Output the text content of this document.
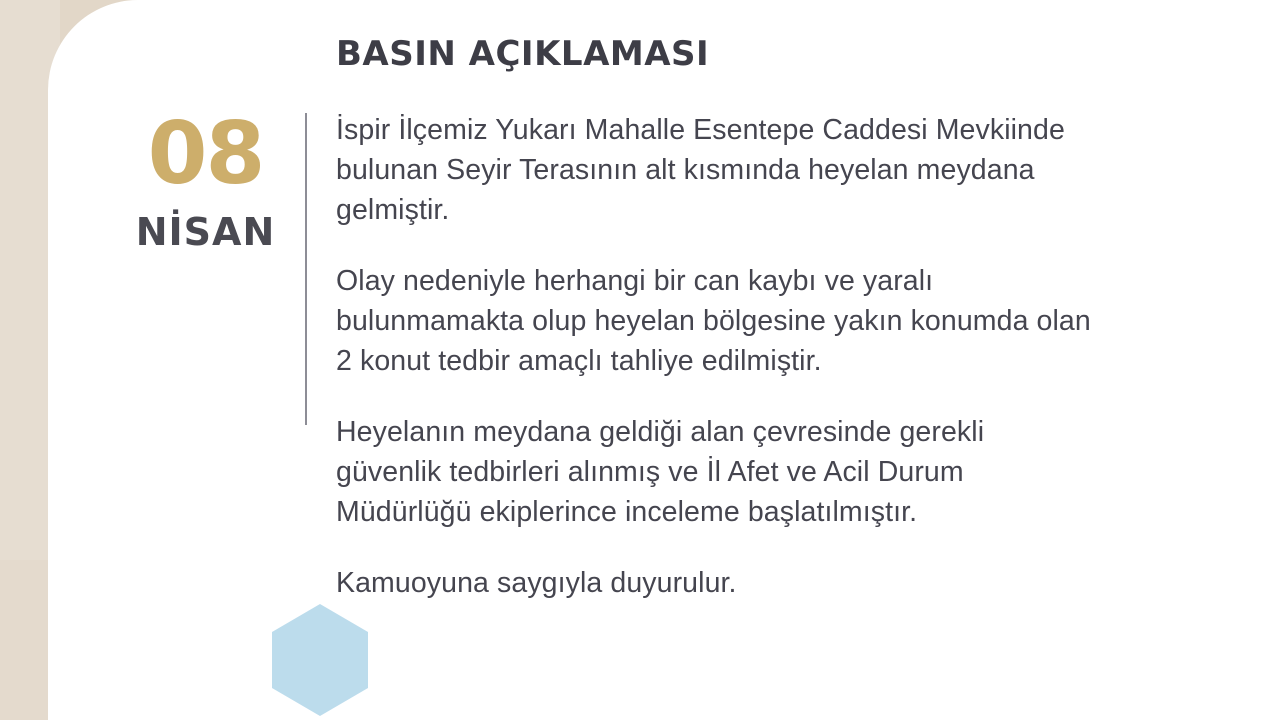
08
NİSAN
BASIN AÇIKLAMASI

İspir İlçemiz Yukarı Mahalle Esentepe Caddesi Mevkiinde bulunan Seyir Terasının alt kısmında heyelan meydana gelmiştir.

Olay nedeniyle herhangi bir can kaybı ve yaralı bulunmamakta olup heyelan bölgesine yakın konumda olan 2 konut tedbir amaçlı tahliye edilmiştir.

Heyelanın meydana geldiği alan çevresinde gerekli güvenlik tedbirleri alınmış ve İl Afet ve Acil Durum Müdürlüğü ekiplerince inceleme başlatılmıştır.

Kamuoyuna saygıyla duyurulur.
